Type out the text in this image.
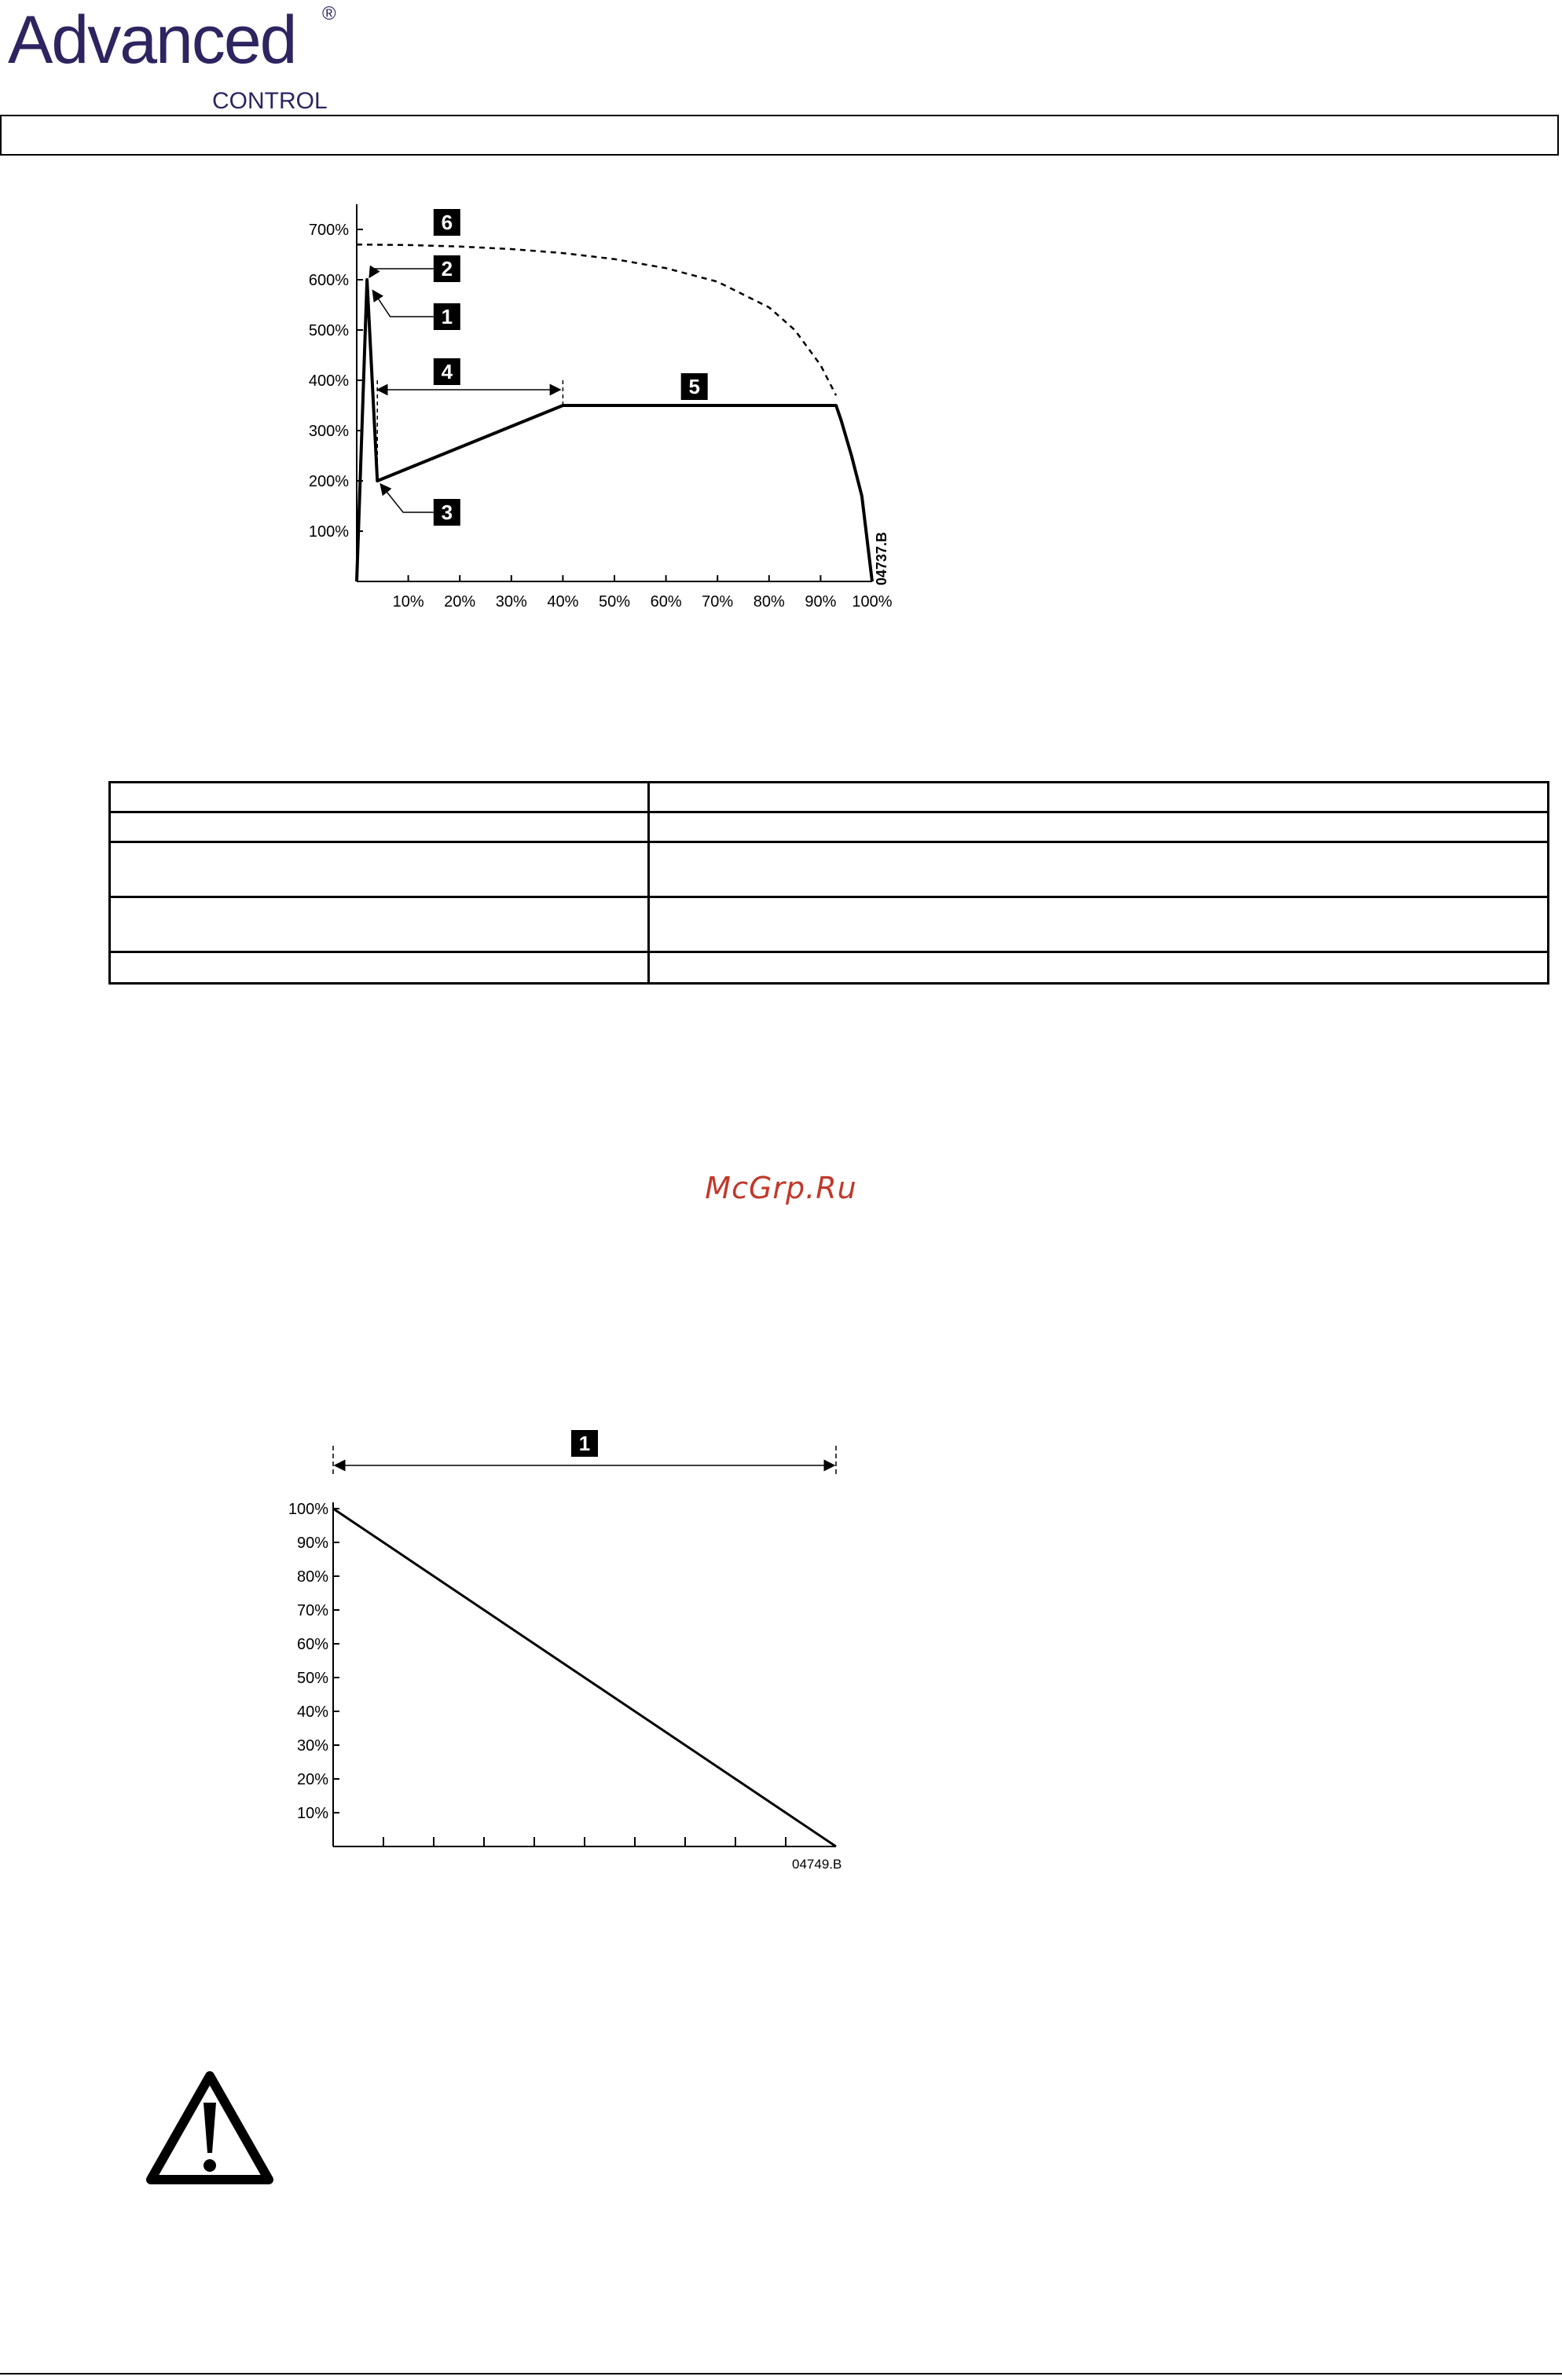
Advanced ®
CONTROL
100%
200%
300%
400%
500%
600%
700%
10% 20% 30% 40% 50% 60% 70% 80% 90% 100%
6
2
1
4
5
3
04737.B

McGrp.Ru
10%
20%
30%
40%
50%
60%
70%
80%
90%
100%
1
04749.B
